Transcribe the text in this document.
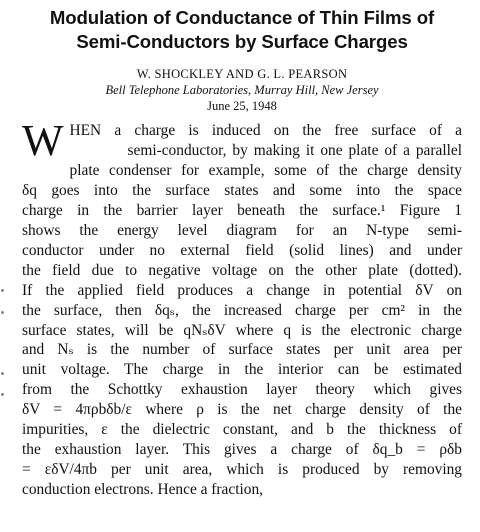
Modulation of Conductance of Thin Films of
Semi-Conductors by Surface Charges
W. SHOCKLEY AND G. L. PEARSON
Bell Telephone Laboratories, Murray Hill, New Jersey
June 25, 1948
W HEN a charge is induced on the free surface of a
semi-conductor, by making it one plate of a parallel
plate condenser for example, some of the charge density
δq goes into the surface states and some into the space
charge in the barrier layer beneath the surface.¹ Figure 1
shows the energy level diagram for an N-type semi-
conductor under no external field (solid lines) and under
the field due to negative voltage on the other plate (dotted).
If the applied field produces a change in potential δV on
the surface, then δqₛ, the increased charge per cm² in the
surface states, will be qNₛδV where q is the electronic charge
and Nₛ is the number of surface states per unit area per
unit voltage. The charge in the interior can be estimated
from the Schottky exhaustion layer theory which gives
δV = 4πρbδb/ε where ρ is the net charge density of the
impurities, ε the dielectric constant, and b the thickness of
the exhaustion layer. This gives a charge of δq_b = ρδb
= εδV/4πb per unit area, which is produced by removing
conduction electrons. Hence a fraction,
